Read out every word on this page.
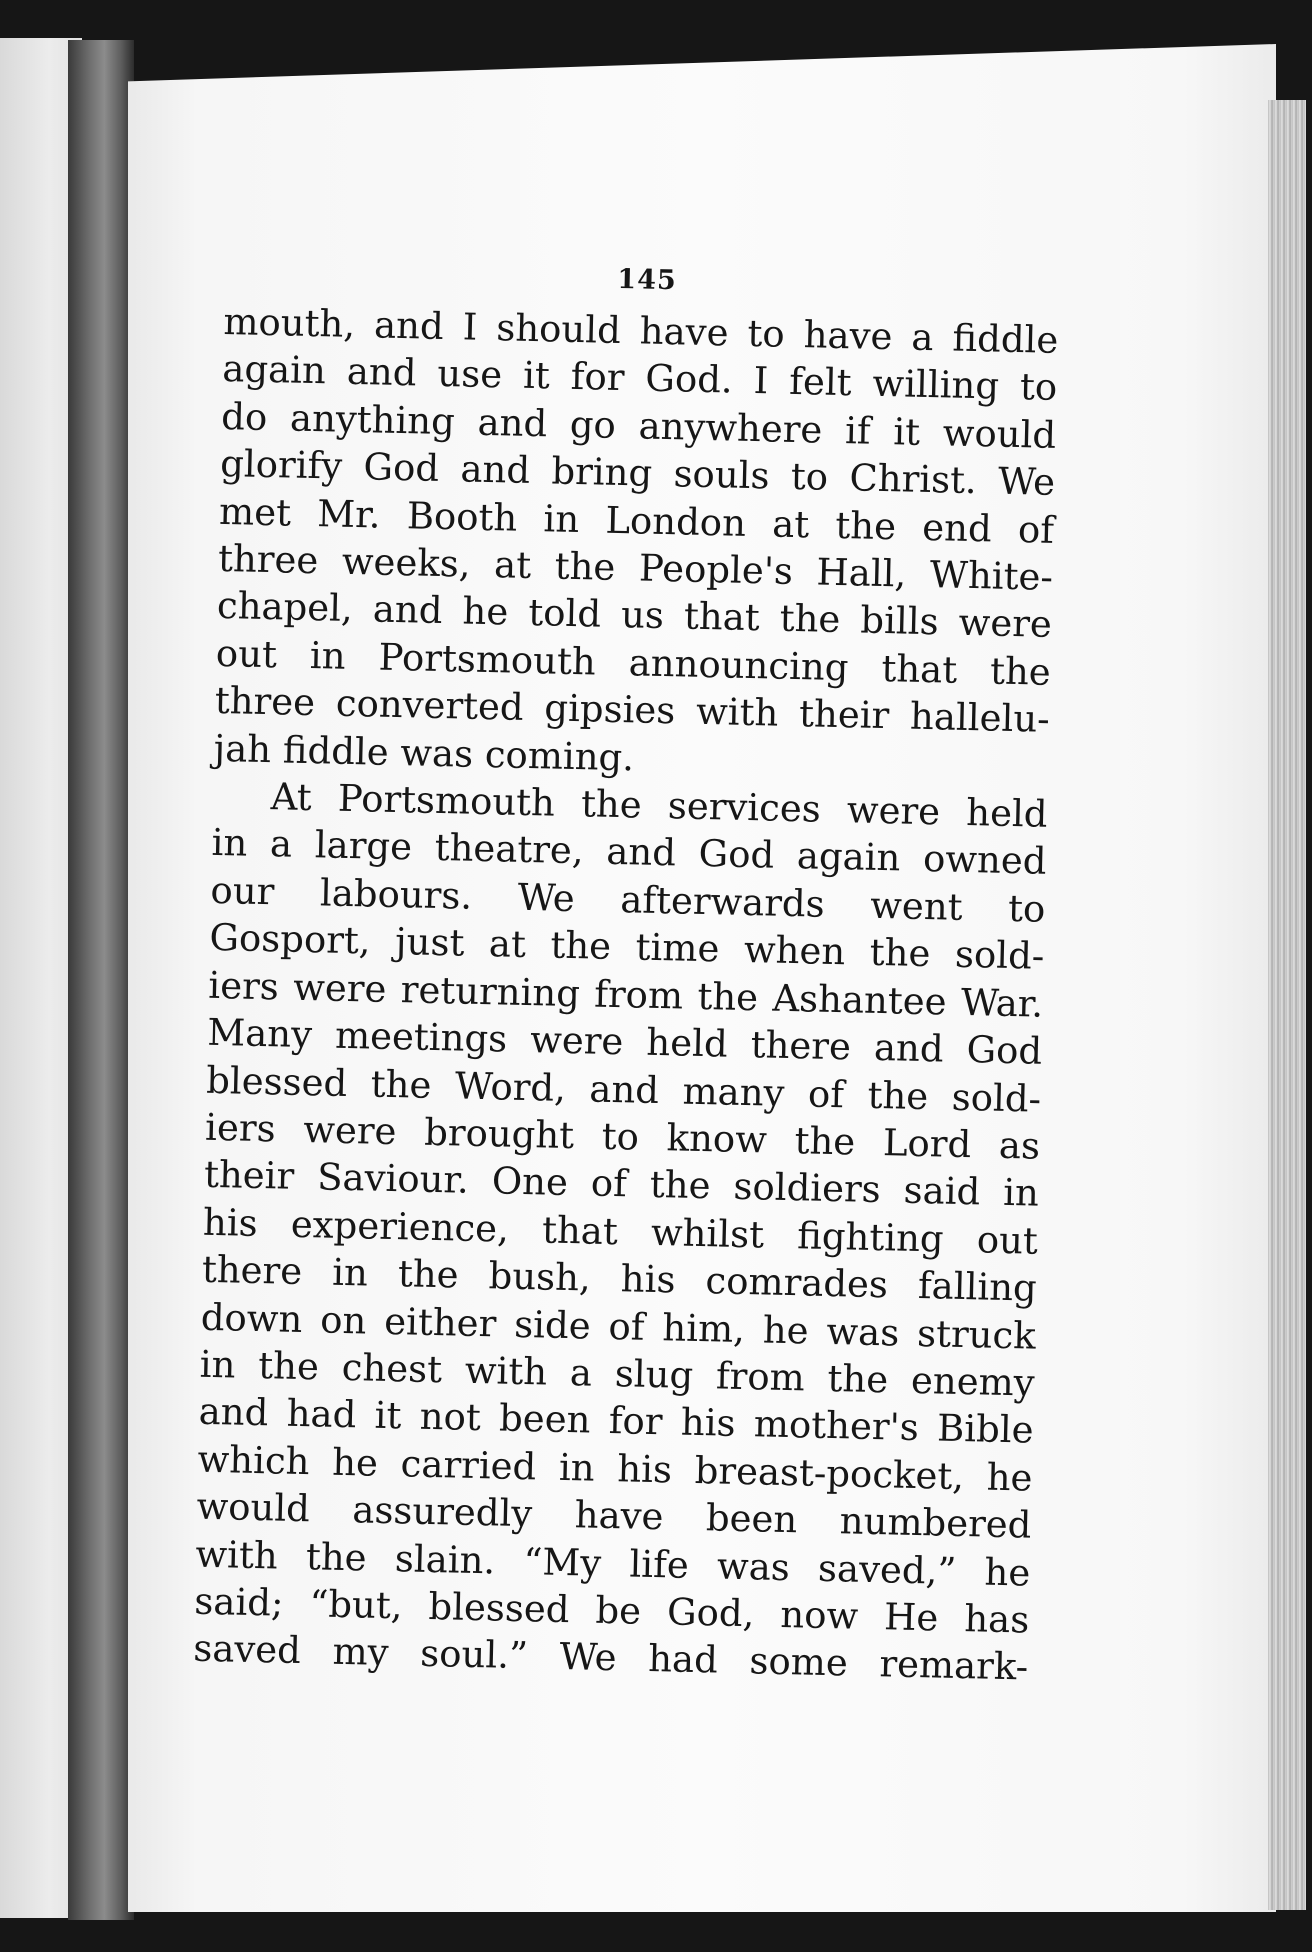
145
mouth, and I should have to have a fiddle
again and use it for God. I felt willing to
do anything and go anywhere if it would
glorify God and bring souls to Christ. We
met Mr. Booth in London at the end of
three weeks, at the People's Hall, White-
chapel, and he told us that the bills were
out in Portsmouth announcing that the
three converted gipsies with their hallelu-
jah fiddle was coming.
At Portsmouth the services were held
in a large theatre, and God again owned
our labours. We afterwards went to
Gosport, just at the time when the sold-
iers were returning from the Ashantee War.
Many meetings were held there and God
blessed the Word, and many of the sold-
iers were brought to know the Lord as
their Saviour. One of the soldiers said in
his experience, that whilst fighting out
there in the bush, his comrades falling
down on either side of him, he was struck
in the chest with a slug from the enemy
and had it not been for his mother's Bible
which he carried in his breast-pocket, he
would assuredly have been numbered
with the slain. “My life was saved,” he
said; “but, blessed be God, now He has
saved my soul.” We had some remark-
